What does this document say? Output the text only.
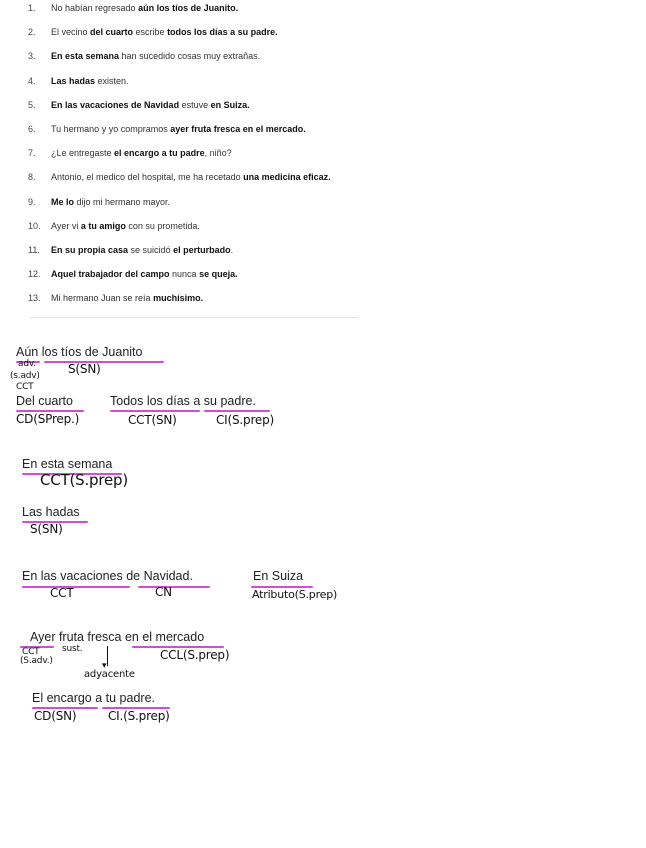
1. No habían regresado aún los tíos de Juanito.
2. El vecino del cuarto escribe todos los días a su padre.
3. En esta semana han sucedido cosas muy extrañas.
4. Las hadas existen.
5. En las vacaciones de Navidad estuve en Suiza.
6. Tu hermano y yo compramos ayer fruta fresca en el mercado.
7. ¿Le entregaste el encargo a tu padre, niño?
8. Antonio, el medico del hospital, me ha recetado una medicina eficaz.
9. Me lo dijo mi hermano mayor.
10. Ayer vi a tu amigo con su prometida.
11. En su propia casa se suicidó el perturbado.
12. Aquel trabajador del campo nunca se queja.
13. Mi hermano Juan se reía muchísimo.
Aún los tíos de Juanito
adv.
(s.adv)
CCT
S(SN)
Del cuarto
CD(SPrep.)
Todos los días a su padre.
CCT(SN)	CI(S.prep)
En esta semana
CCT(S.prep)
Las hadas
S(SN)
En las vacaciones de Navidad.
CCT	CN
En Suiza
Atributo(S.prep)
Ayer fruta fresca en el mercado
CCT
(S.adv.)
sust.
▾
adyacente
CCL(S.prep)
El encargo a tu padre.
CD(SN)	CI.(S.prep)
